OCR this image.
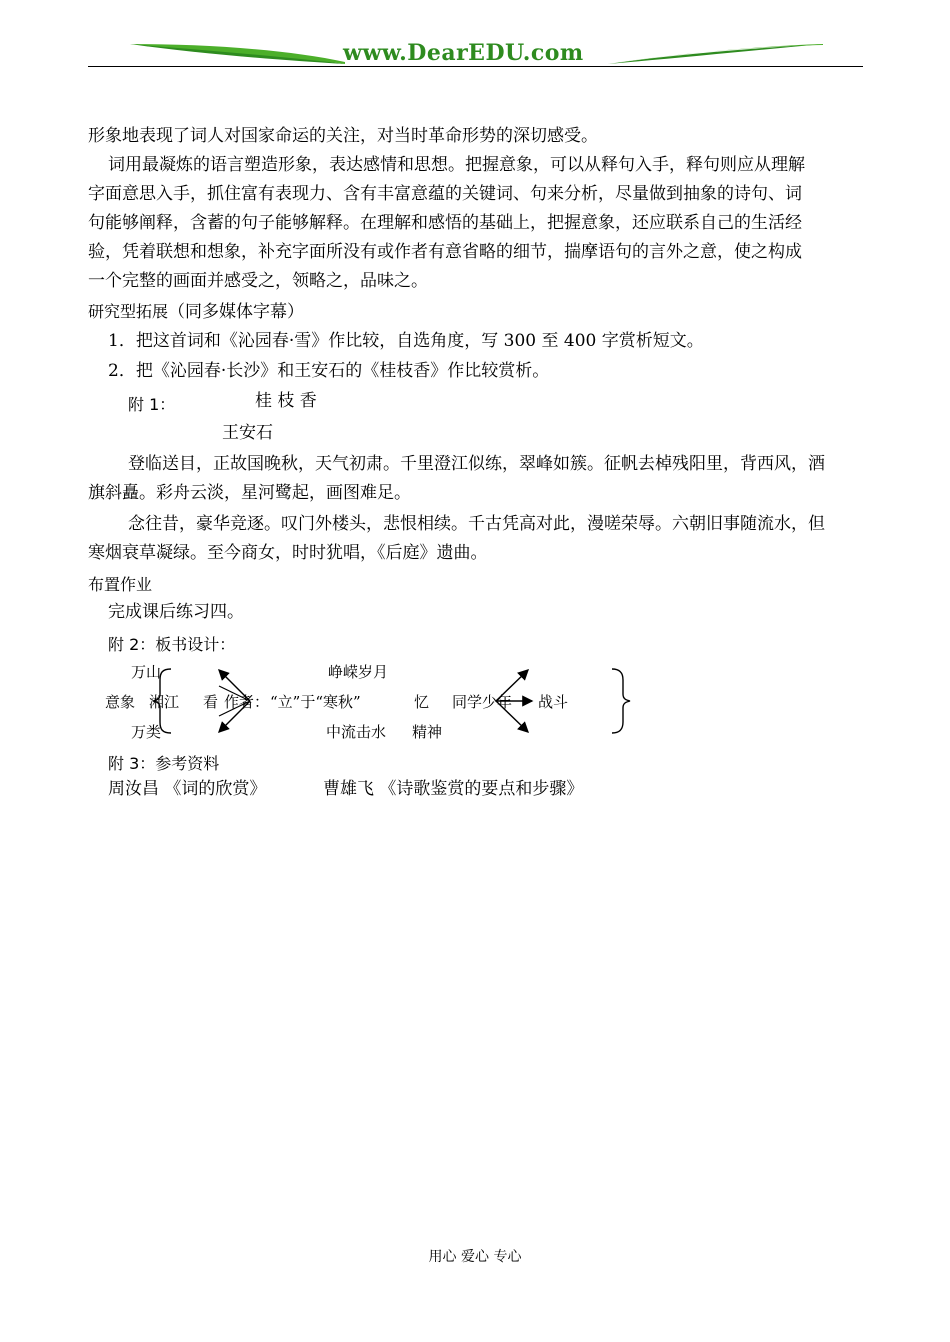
www.DearEDU.com
形象地表现了词人对国家命运的关注，对当时革命形势的深切感受。
词用最凝炼的语言塑造形象，表达感情和思想。把握意象，可以从释句入手，释句则应从理解
字面意思入手，抓住富有表现力、含有丰富意蕴的关键词、句来分析，尽量做到抽象的诗句、词
句能够阐释，含蓄的句子能够解释。在理解和感悟的基础上，把握意象，还应联系自己的生活经
验，凭着联想和想象，补充字面所没有或作者有意省略的细节，揣摩语句的言外之意，使之构成
一个完整的画面并感受之，领略之，品味之。
研究型拓展（同多媒体字幕）
1．把这首词和《沁园春·雪》作比较，自选角度，写 300 至 400 字赏析短文。
2．把《沁园春·长沙》和王安石的《桂枝香》作比较赏析。
附 1：	桂 枝 香
王安石
登临送目，正故国晚秋，天气初肃。千里澄江似练，翠峰如簇。征帆去棹残阳里，背西风，酒
旗斜矗。彩舟云淡，星河鹭起，画图难足。
念往昔，豪华竞逐。叹门外楼头，悲恨相续。千古凭高对此，漫嗟荣辱。六朝旧事随流水，但
寒烟衰草凝绿。至今商女，时时犹唱，《后庭》遗曲。
布置作业
完成课后练习四。
附 2：板书设计：
万山
意象 湘江
万类
看 作者： “立”于“寒秋”
峥嵘岁月
中流击水 精神
忆 同学少年 战斗
附 3：参考资料
周汝昌 《词的欣赏》	曹雄飞 《诗歌鉴赏的要点和步骤》
用心 爱心 专心
